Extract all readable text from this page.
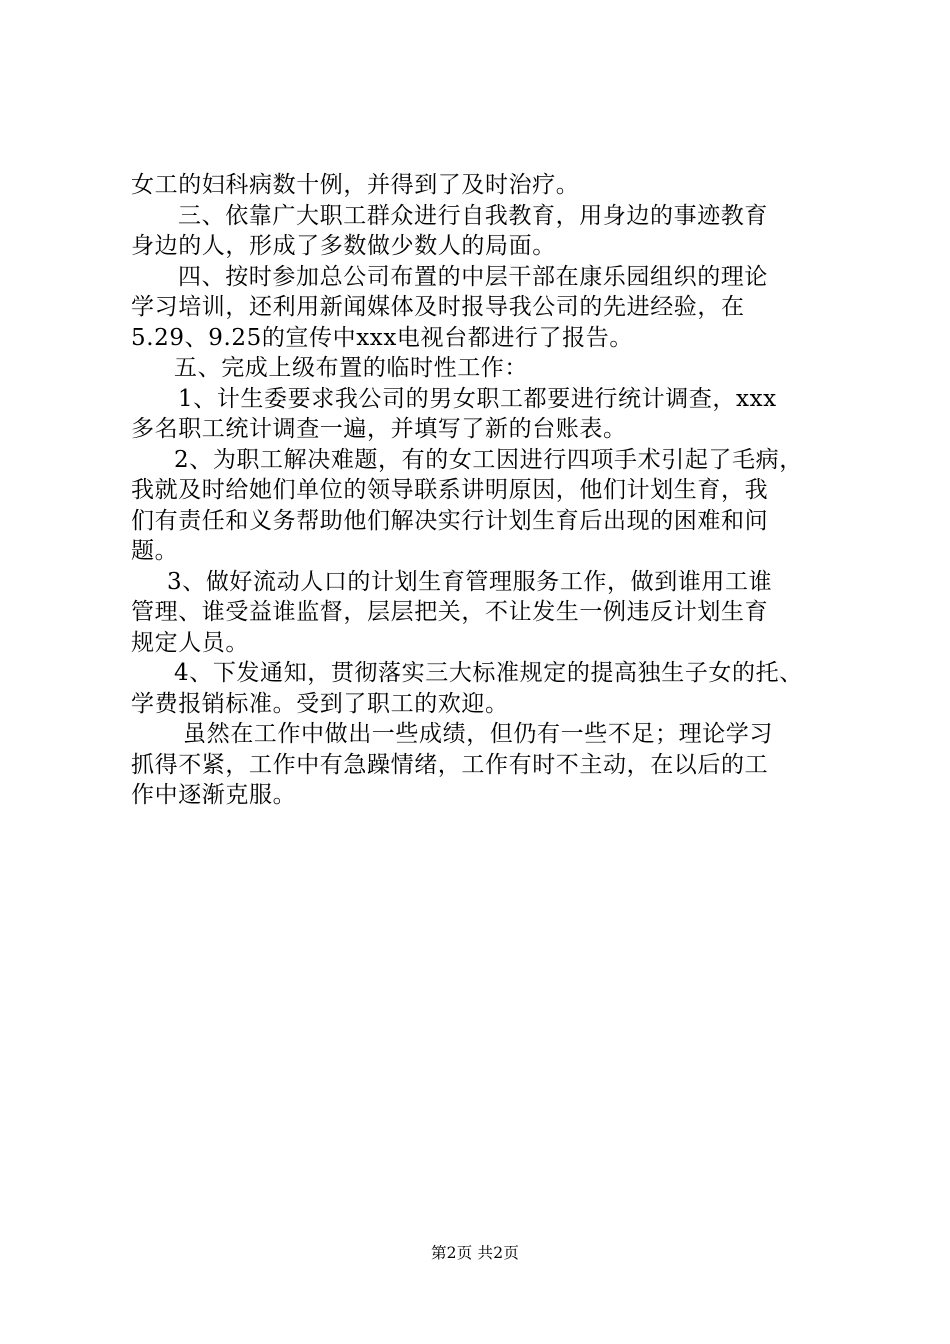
女工的妇科病数十例，并得到了及时治疗。
三、依靠广大职工群众进行自我教育，用身边的事迹教育
身边的人，形成了多数做少数人的局面。
四、按时参加总公司布置的中层干部在康乐园组织的理论
学习培训，还利用新闻媒体及时报导我公司的先进经验，在
5.29、9.25的宣传中xxx电视台都进行了报告。
五、完成上级布置的临时性工作：
1、计生委要求我公司的男女职工都要进行统计调查，xxx
多名职工统计调查一遍，并填写了新的台账表。
2、为职工解决难题，有的女工因进行四项手术引起了毛病，
我就及时给她们单位的领导联系讲明原因，他们计划生育，我
们有责任和义务帮助他们解决实行计划生育后出现的困难和问
题。
3、做好流动人口的计划生育管理服务工作，做到谁用工谁
管理、谁受益谁监督，层层把关，不让发生一例违反计划生育
规定人员。
4、下发通知，贯彻落实三大标准规定的提高独生子女的托、
学费报销标准。受到了职工的欢迎。
虽然在工作中做出一些成绩，但仍有一些不足；理论学习
抓得不紧，工作中有急躁情绪，工作有时不主动，在以后的工
作中逐渐克服。
第2页 共2页
